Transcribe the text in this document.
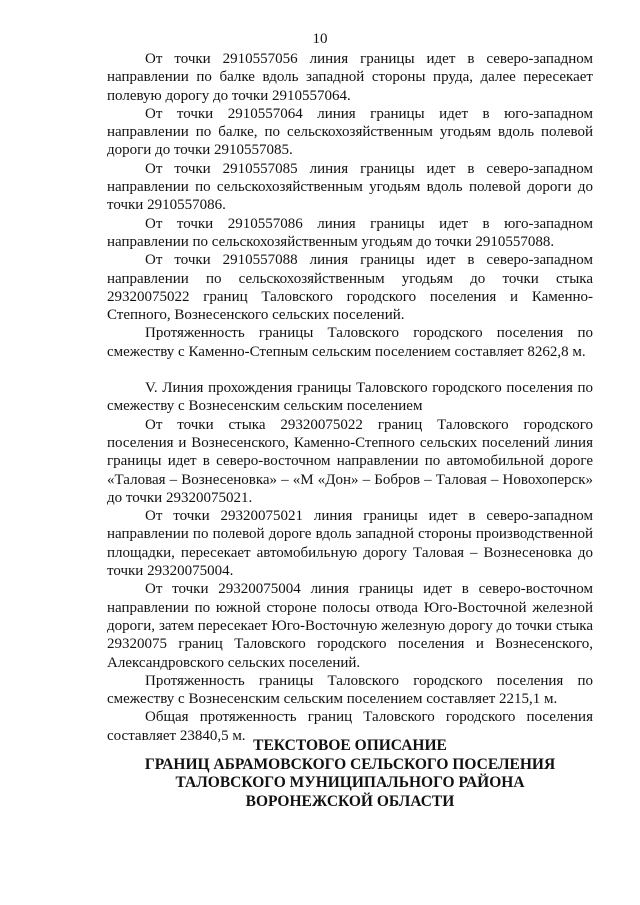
10

От точки 2910557056 линия границы идет в северо-западном направлении по балке вдоль западной стороны пруда, далее пересекает полевую дорогу до точки 2910557064.

От точки 2910557064 линия границы идет в юго-западном направлении по балке, по сельскохозяйственным угодьям вдоль полевой дороги до точки 2910557085.

От точки 2910557085 линия границы идет в северо-западном направлении по сельскохозяйственным угодьям вдоль полевой дороги до точки 2910557086.

От точки 2910557086 линия границы идет в юго-западном направлении по сельскохозяйственным угодьям до точки 2910557088.

От точки 2910557088 линия границы идет в северо-западном направлении по сельскохозяйственным угодьям до точки стыка 29320075022 границ Таловского городского поселения и Каменно-Степного, Вознесенского сельских поселений.

Протяженность границы Таловского городского поселения по смежеству с Каменно-Степным сельским поселением составляет 8262,8 м.

V. Линия прохождения границы Таловского городского поселения по смежеству с Вознесенским сельским поселением

От точки стыка 29320075022 границ Таловского городского поселения и Вознесенского, Каменно-Степного сельских поселений линия границы идет в северо-восточном направлении по автомобильной дороге «Таловая – Вознесеновка» – «М «Дон» – Бобров – Таловая – Новохоперск» до точки 29320075021.

От точки 29320075021 линия границы идет в северо-западном направлении по полевой дороге вдоль западной стороны производственной площадки, пересекает автомобильную дорогу Таловая – Вознесеновка до точки 29320075004.

От точки 29320075004 линия границы идет в северо-восточном направлении по южной стороне полосы отвода Юго-Восточной железной дороги, затем пересекает Юго-Восточную железную дорогу до точки стыка 29320075 границ Таловского городского поселения и Вознесенского, Александровского сельских поселений.

Протяженность границы Таловского городского поселения по смежеству с Вознесенским сельским поселением составляет 2215,1 м.

Общая протяженность границ Таловского городского поселения составляет 23840,5 м.

ТЕКСТОВОЕ ОПИСАНИЕ
ГРАНИЦ АБРАМОВСКОГО СЕЛЬСКОГО ПОСЕЛЕНИЯ
ТАЛОВСКОГО МУНИЦИПАЛЬНОГО РАЙОНА
ВОРОНЕЖСКОЙ ОБЛАСТИ
